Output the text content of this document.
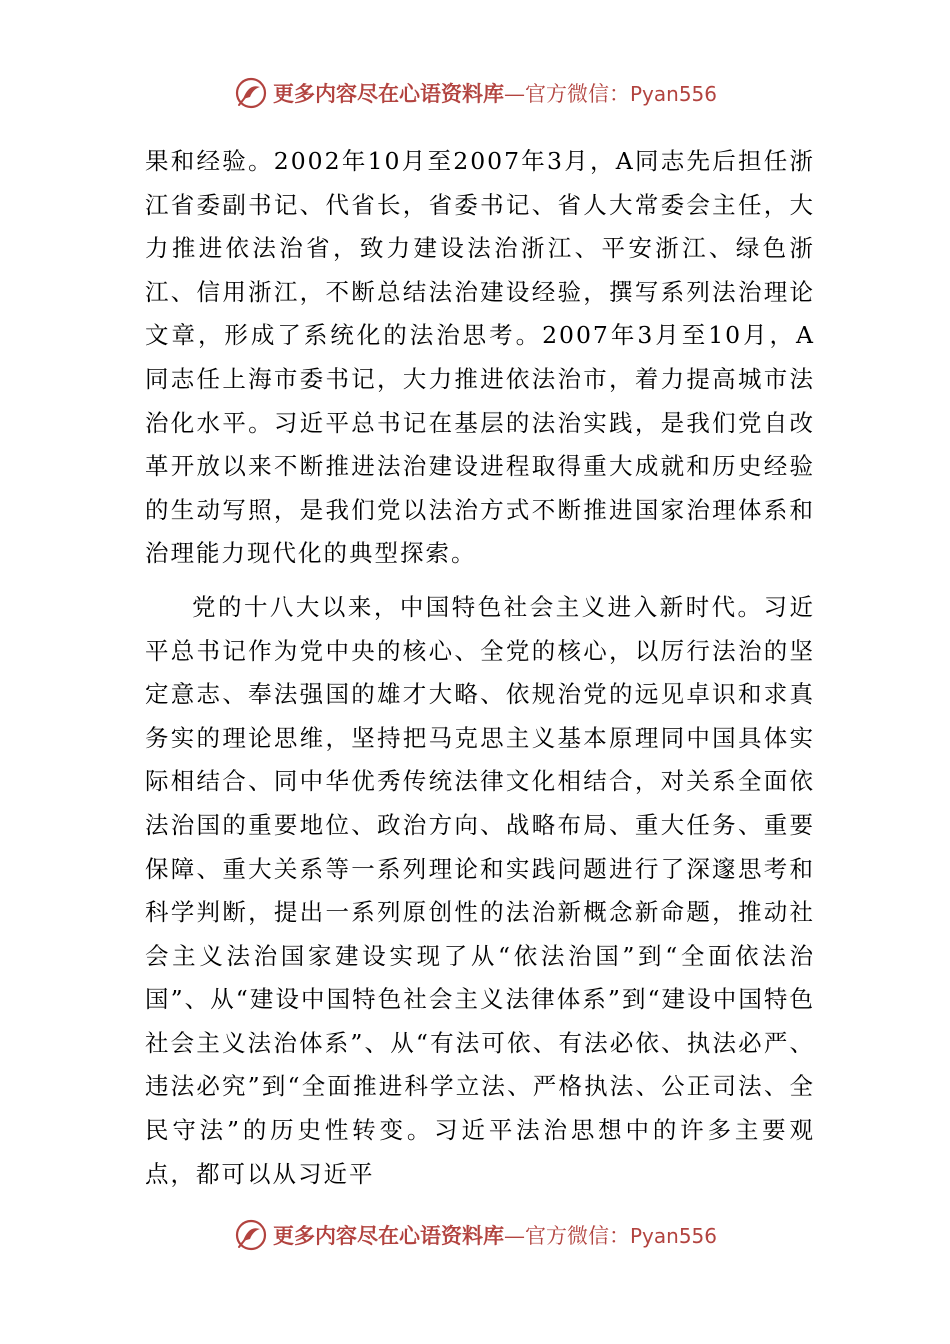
更多内容尽在心语资料库—官方微信：Pyan556

果和经验。2002年10月至2007年3月，A同志先后担任浙江省委副书记、代省长，省委书记、省人大常委会主任，大力推进依法治省，致力建设法治浙江、平安浙江、绿色浙江、信用浙江，不断总结法治建设经验，撰写系列法治理论文章，形成了系统化的法治思考。2007年3月至10月，A同志任上海市委书记，大力推进依法治市，着力提高城市法治化水平。习近平总书记在基层的法治实践，是我们党自改革开放以来不断推进法治建设进程取得重大成就和历史经验的生动写照，是我们党以法治方式不断推进国家治理体系和治理能力现代化的典型探索。

党的十八大以来，中国特色社会主义进入新时代。习近平总书记作为党中央的核心、全党的核心，以厉行法治的坚定意志、奉法强国的雄才大略、依规治党的远见卓识和求真务实的理论思维，坚持把马克思主义基本原理同中国具体实际相结合、同中华优秀传统法律文化相结合，对关系全面依法治国的重要地位、政治方向、战略布局、重大任务、重要保障、重大关系等一系列理论和实践问题进行了深邃思考和科学判断，提出一系列原创性的法治新概念新命题，推动社会主义法治国家建设实现了从“依法治国”到“全面依法治国”、从“建设中国特色社会主义法律体系”到“建设中国特色社会主义法治体系”、从“有法可依、有法必依、执法必严、违法必究”到“全面推进科学立法、严格执法、公正司法、全民守法”的历史性转变。习近平法治思想中的许多主要观点，都可以从习近平

更多内容尽在心语资料库—官方微信：Pyan556
